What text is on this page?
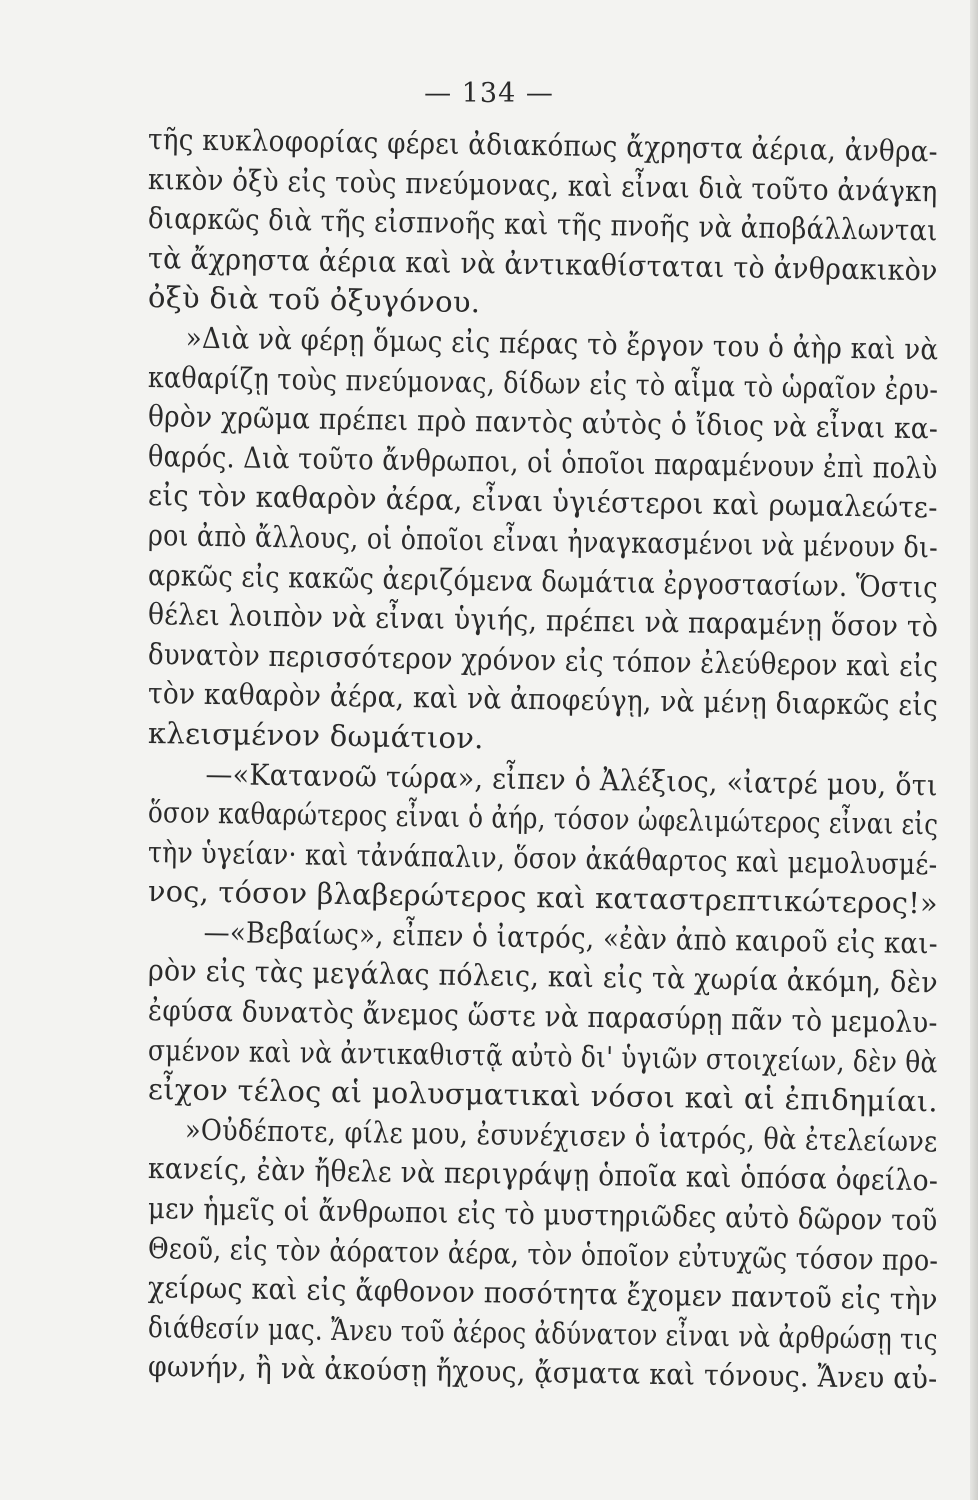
— 134 —
τῆς κυκλοφορίας φέρει ἀδιακόπως ἄχρηστα ἀέρια, ἀνθρα-
κικὸν ὀξὺ εἰς τοὺς πνεύμονας, καὶ εἶναι διὰ τοῦτο ἀνάγκη
διαρκῶς διὰ τῆς εἰσπνοῆς καὶ τῆς πνοῆς νὰ ἀποβάλλωνται
τὰ ἄχρηστα ἀέρια καὶ νὰ ἀντικαθίσταται τὸ ἀνθρακικὸν
ὀξὺ διὰ τοῦ ὀξυγόνου.
»Διὰ νὰ φέρῃ ὅμως εἰς πέρας τὸ ἔργον του ὁ ἀὴρ καὶ νὰ
καθαρίζῃ τοὺς πνεύμονας, δίδων εἰς τὸ αἷμα τὸ ὡραῖον ἐρυ-
θρὸν χρῶμα πρέπει πρὸ παντὸς αὐτὸς ὁ ἴδιος νὰ εἶναι κα-
θαρός. Διὰ τοῦτο ἄνθρωποι, οἱ ὁποῖοι παραμένουν ἐπὶ πολὺ
εἰς τὸν καθαρὸν ἀέρα, εἶναι ὑγιέστεροι καὶ ρωμαλεώτε-
ροι ἀπὸ ἄλλους, οἱ ὁποῖοι εἶναι ἠναγκασμένοι νὰ μένουν δι-
αρκῶς εἰς κακῶς ἀεριζόμενα δωμάτια ἐργοστασίων. Ὅστις
θέλει λοιπὸν νὰ εἶναι ὑγιής, πρέπει νὰ παραμένῃ ὅσον τὸ
δυνατὸν περισσότερον χρόνον εἰς τόπον ἐλεύθερον καὶ εἰς
τὸν καθαρὸν ἀέρα, καὶ νὰ ἀποφεύγῃ, νὰ μένῃ διαρκῶς εἰς
κλεισμένον δωμάτιον.
—«Κατανοῶ τώρα», εἶπεν ὁ Ἀλέξιος, «ἰατρέ μου, ὅτι
ὅσον καθαρώτερος εἶναι ὁ ἀήρ, τόσον ὠφελιμώτερος εἶναι εἰς
τὴν ὑγείαν· καὶ τἀνάπαλιν, ὅσον ἀκάθαρτος καὶ μεμολυσμέ-
νος, τόσον βλαβερώτερος καὶ καταστρεπτικώτερος!»
—«Βεβαίως», εἶπεν ὁ ἰατρός, «ἐὰν ἀπὸ καιροῦ εἰς και-
ρὸν εἰς τὰς μεγάλας πόλεις, καὶ εἰς τὰ χωρία ἀκόμη, δὲν
ἐφύσα δυνατὸς ἄνεμος ὥστε νὰ παρασύρῃ πᾶν τὸ μεμολυ-
σμένον καὶ νὰ ἀντικαθιστᾷ αὐτὸ δι' ὑγιῶν στοιχείων, δὲν θὰ
εἶχον τέλος αἱ μολυσματικαὶ νόσοι καὶ αἱ ἐπιδημίαι.
»Οὐδέποτε, φίλε μου, ἐσυνέχισεν ὁ ἰατρός, θὰ ἐτελείωνε
κανείς, ἐὰν ἤθελε νὰ περιγράψῃ ὁποῖα καὶ ὁπόσα ὀφείλο-
μεν ἡμεῖς οἱ ἄνθρωποι εἰς τὸ μυστηριῶδες αὐτὸ δῶρον τοῦ
Θεοῦ, εἰς τὸν ἀόρατον ἀέρα, τὸν ὁποῖον εὐτυχῶς τόσον προ-
χείρως καὶ εἰς ἄφθονον ποσότητα ἔχομεν παντοῦ εἰς τὴν
διάθεσίν μας. Ἄνευ τοῦ ἀέρος ἀδύνατον εἶναι νὰ ἀρθρώσῃ τις
φωνήν, ἢ νὰ ἀκούσῃ ἤχους, ᾄσματα καὶ τόνους. Ἄνευ αὐ-
